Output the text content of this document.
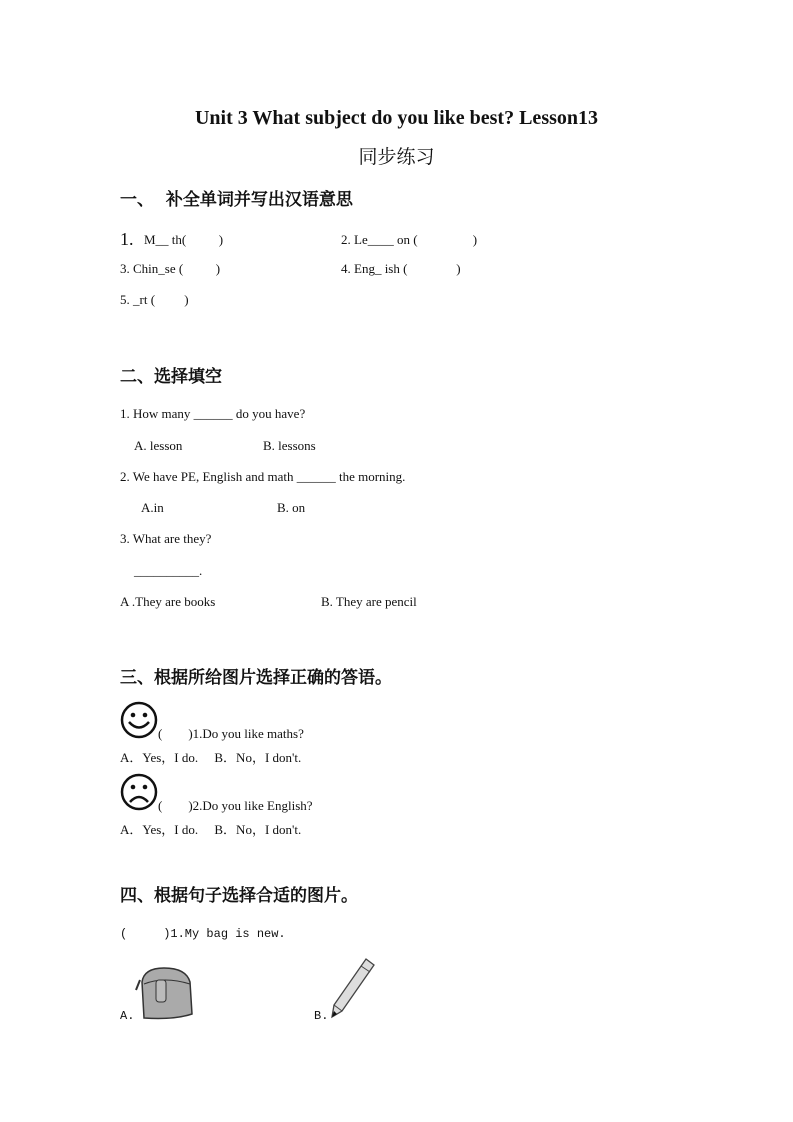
Unit 3 What subject do you like best? Lesson13
同步练习
一、  补全单词并写出汉语意思
1. M__ th(          )	2. Le____ on (                 )
3. Chin_se (          )	4. Eng_ ish (               )
5. _rt (         )
二、选择填空
1. How many ______ do you have?
A. lesson	B. lessons
2. We have PE, English and math ______ the morning.
A.in	B. on
3. What are they?
__________.
A .They are books	B. They are pencil
三、根据所给图片选择正确的答语。
(        )1.Do you like maths?
A．Yes，I do.     B．No，I don't.
(        )2.Do you like English?
A．Yes，I do.     B．No，I don't.
四、根据句子选择合适的图片。
(     )1.My bag is new.
A.	B.
